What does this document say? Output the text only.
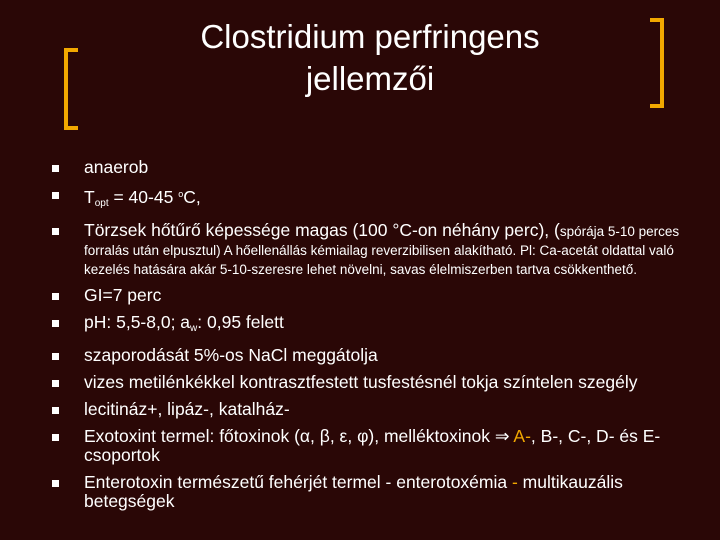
Clostridium perfringens
jellemzői
anaerob
$T_{opt} = 40-45$ $^o$C,
Törzsek hőtűrő képessége magas (100 °C-on néhány perc), (spórája 5-10 perces forralás után elpusztul) A hőellenállás kémiailag reverzibilisen alakítható. Pl: Ca-acetát oldattal való kezelés hatására akár 5-10-szeresre lehet növelni, savas élelmiszerben tartva csökkenthető.
GI=7 perc
pH: 5,5-8,0; $a_w$: 0,95 felett
szaporodását 5%-os NaCl meggátolja
vizes metilénkékkel kontrasztfestett tusfestésnél tokja színtelen szegély
lecitináz+, lipáz-, katalház-
Exotoxint termel: főtoxinok (α, β, ε, φ), melléktoxinok ⇒ A-, B-, C-, D- és E-csoportok
Enterotoxin természetű fehérjét termel - enterotoxémia - multikauzális betegségek
